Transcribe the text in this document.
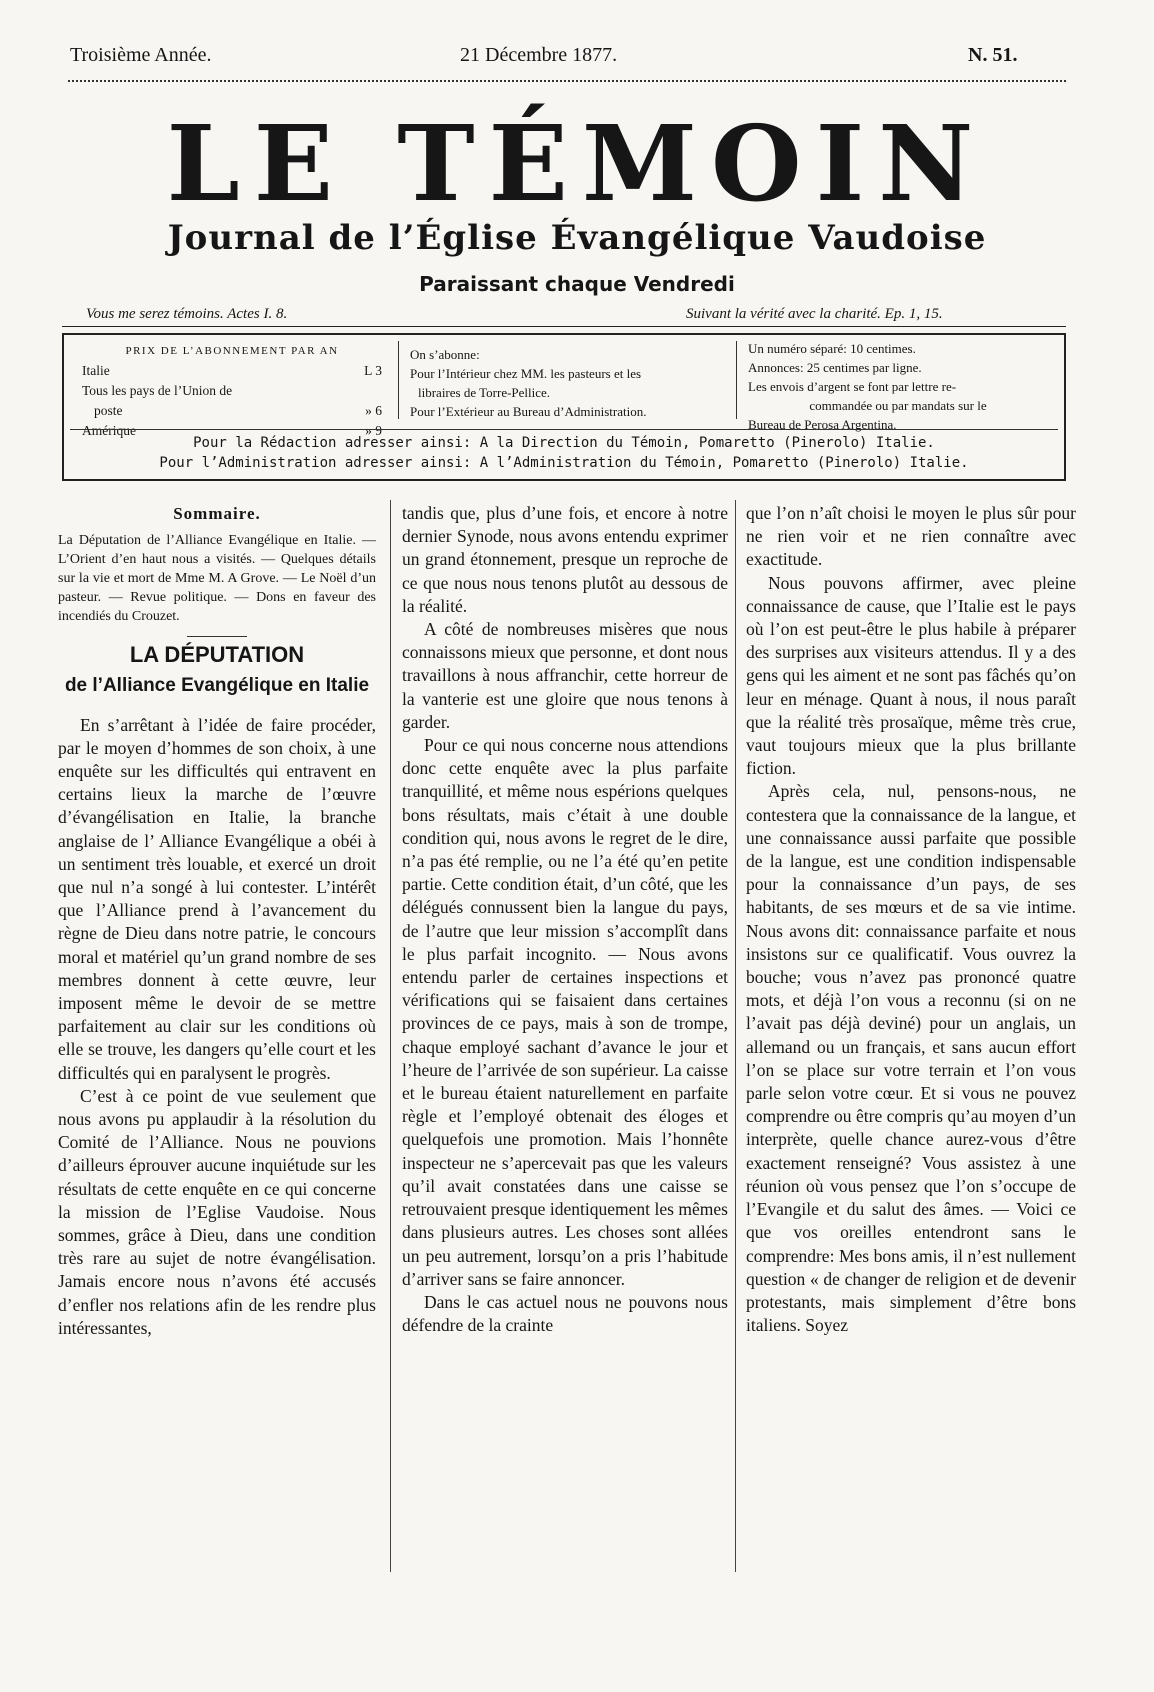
Troisième Année.	21 Décembre 1877.	N. 51.
LE TÉMOIN
Journal de l’Église Évangélique Vaudoise
Paraissant chaque Vendredi
Vous me serez témoins. Actes I. 8.	Suivant la vérité avec la charité. Ep. 1, 15.
PRIX DE L’ABONNEMENT PAR AN
Italie	L 3
Tous les pays de l’Union de
poste	» 6
Amérique	» 9
On s’abonne:
Pour l’Intérieur chez MM. les pasteurs et les
libraires de Torre-Pellice.
Pour l’Extérieur au Bureau d’Administration.
Un numéro séparé: 10 centimes.
Annonces: 25 centimes par ligne.
Les envois d’argent se font par lettre re-
commandée ou par mandats sur le
Bureau de Perosa Argentina.
Pour la Rédaction adresser ainsi: A la Direction du Témoin, Pomaretto (Pinerolo) Italie.
Pour l’Administration adresser ainsi: A l’Administration du Témoin, Pomaretto (Pinerolo) Italie.
Sommaire.
La Députation de l’Alliance Evangélique en Italie. — L’Orient d’en haut nous a visités. — Quelques détails sur la vie et mort de Mme M. A Grove. — Le Noël d’un pasteur. — Revue politique. — Dons en faveur des incendiés du Crouzet.
LA DÉPUTATION
de l’Alliance Evangélique en Italie

En s’arrêtant à l’idée de faire procéder, par le moyen d’hommes de son choix, à une enquête sur les difficultés qui entravent en certains lieux la marche de l’œuvre d’évangélisation en Italie, la branche anglaise de l’ Alliance Evangélique a obéi à un sentiment très louable, et exercé un droit que nul n’a songé à lui contester. L’intérêt que l’Alliance prend à l’avancement du règne de Dieu dans notre patrie, le concours moral et matériel qu’un grand nombre de ses membres donnent à cette œuvre, leur imposent même le devoir de se mettre parfaitement au clair sur les conditions où elle se trouve, les dangers qu’elle court et les difficultés qui en paralysent le progrès.

C’est à ce point de vue seulement que nous avons pu applaudir à la résolution du Comité de l’Alliance. Nous ne pouvions d’ailleurs éprouver aucune inquiétude sur les résultats de cette enquête en ce qui concerne la mission de l’Eglise Vaudoise. Nous sommes, grâce à Dieu, dans une condition très rare au sujet de notre évangélisation. Jamais encore nous n’avons été accusés d’enfler nos relations afin de les rendre plus intéressantes,

tandis que, plus d’une fois, et encore à notre dernier Synode, nous avons entendu exprimer un grand étonnement, presque un reproche de ce que nous nous tenons plutôt au dessous de la réalité.

A côté de nombreuses misères que nous connaissons mieux que personne, et dont nous travaillons à nous affranchir, cette horreur de la vanterie est une gloire que nous tenons à garder.

Pour ce qui nous concerne nous attendions donc cette enquête avec la plus parfaite tranquillité, et même nous espérions quelques bons résultats, mais c’était à une double condition qui, nous avons le regret de le dire, n’a pas été remplie, ou ne l’a été qu’en petite partie. Cette condition était, d’un côté, que les délégués connussent bien la langue du pays, de l’autre que leur mission s’accomplît dans le plus parfait incognito. — Nous avons entendu parler de certaines inspections et vérifications qui se faisaient dans certaines provinces de ce pays, mais à son de trompe, chaque employé sachant d’avance le jour et l’heure de l’arrivée de son supérieur. La caisse et le bureau étaient naturellement en parfaite règle et l’employé obtenait des éloges et quelquefois une promotion. Mais l’honnête inspecteur ne s’apercevait pas que les valeurs qu’il avait constatées dans une caisse se retrouvaient presque identiquement les mêmes dans plusieurs autres. Les choses sont allées un peu autrement, lorsqu’on a pris l’habitude d’arriver sans se faire annoncer.

Dans le cas actuel nous ne pouvons nous défendre de la crainte

que l’on n’aît choisi le moyen le plus sûr pour ne rien voir et ne rien connaître avec exactitude.

Nous pouvons affirmer, avec pleine connaissance de cause, que l’Italie est le pays où l’on est peut-être le plus habile à préparer des surprises aux visiteurs attendus. Il y a des gens qui les aiment et ne sont pas fâchés qu’on leur en ménage. Quant à nous, il nous paraît que la réalité très prosaïque, même très crue, vaut toujours mieux que la plus brillante fiction.

Après cela, nul, pensons-nous, ne contestera que la connaissance de la langue, et une connaissance aussi parfaite que possible de la langue, est une condition indispensable pour la connaissance d’un pays, de ses habitants, de ses mœurs et de sa vie intime. Nous avons dit: connaissance parfaite et nous insistons sur ce qualificatif. Vous ouvrez la bouche; vous n’avez pas prononcé quatre mots, et déjà l’on vous a reconnu (si on ne l’avait pas déjà deviné) pour un anglais, un allemand ou un français, et sans aucun effort l’on se place sur votre terrain et l’on vous parle selon votre cœur. Et si vous ne pouvez comprendre ou être compris qu’au moyen d’un interprète, quelle chance aurez-vous d’être exactement renseigné? Vous assistez à une réunion où vous pensez que l’on s’occupe de l’Evangile et du salut des âmes. — Voici ce que vos oreilles entendront sans le comprendre: Mes bons amis, il n’est nullement question « de changer de religion et de devenir protestants, mais simplement d’être bons italiens. Soyez
